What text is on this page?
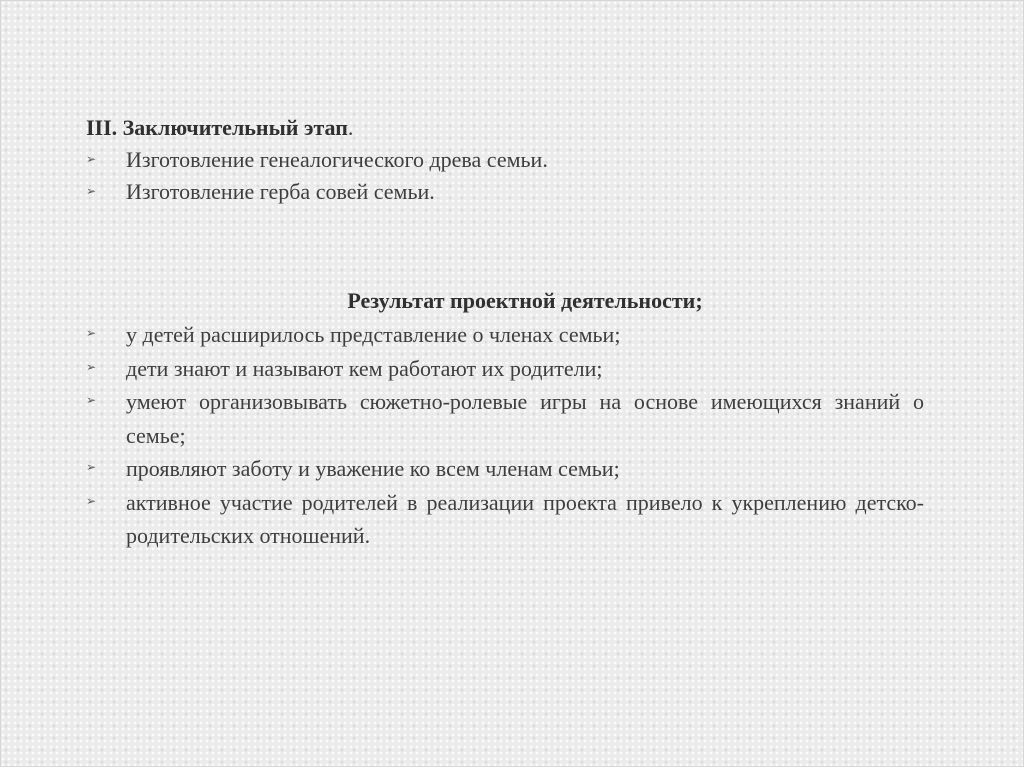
III. Заключительный этап.

➢ Изготовление генеалогического древа семьи.
➢ Изготовление герба совей семьи.

Результат проектной деятельности;

➢ у детей расширилось представление о членах семьи;
➢ дети знают и называют кем работают их родители;
➢ умеют организовывать сюжетно-ролевые игры на основе имеющихся знаний о семье;
➢ проявляют заботу и уважение ко всем членам семьи;
➢ активное участие родителей в реализации проекта привело к укреплению детско-родительских отношений.
